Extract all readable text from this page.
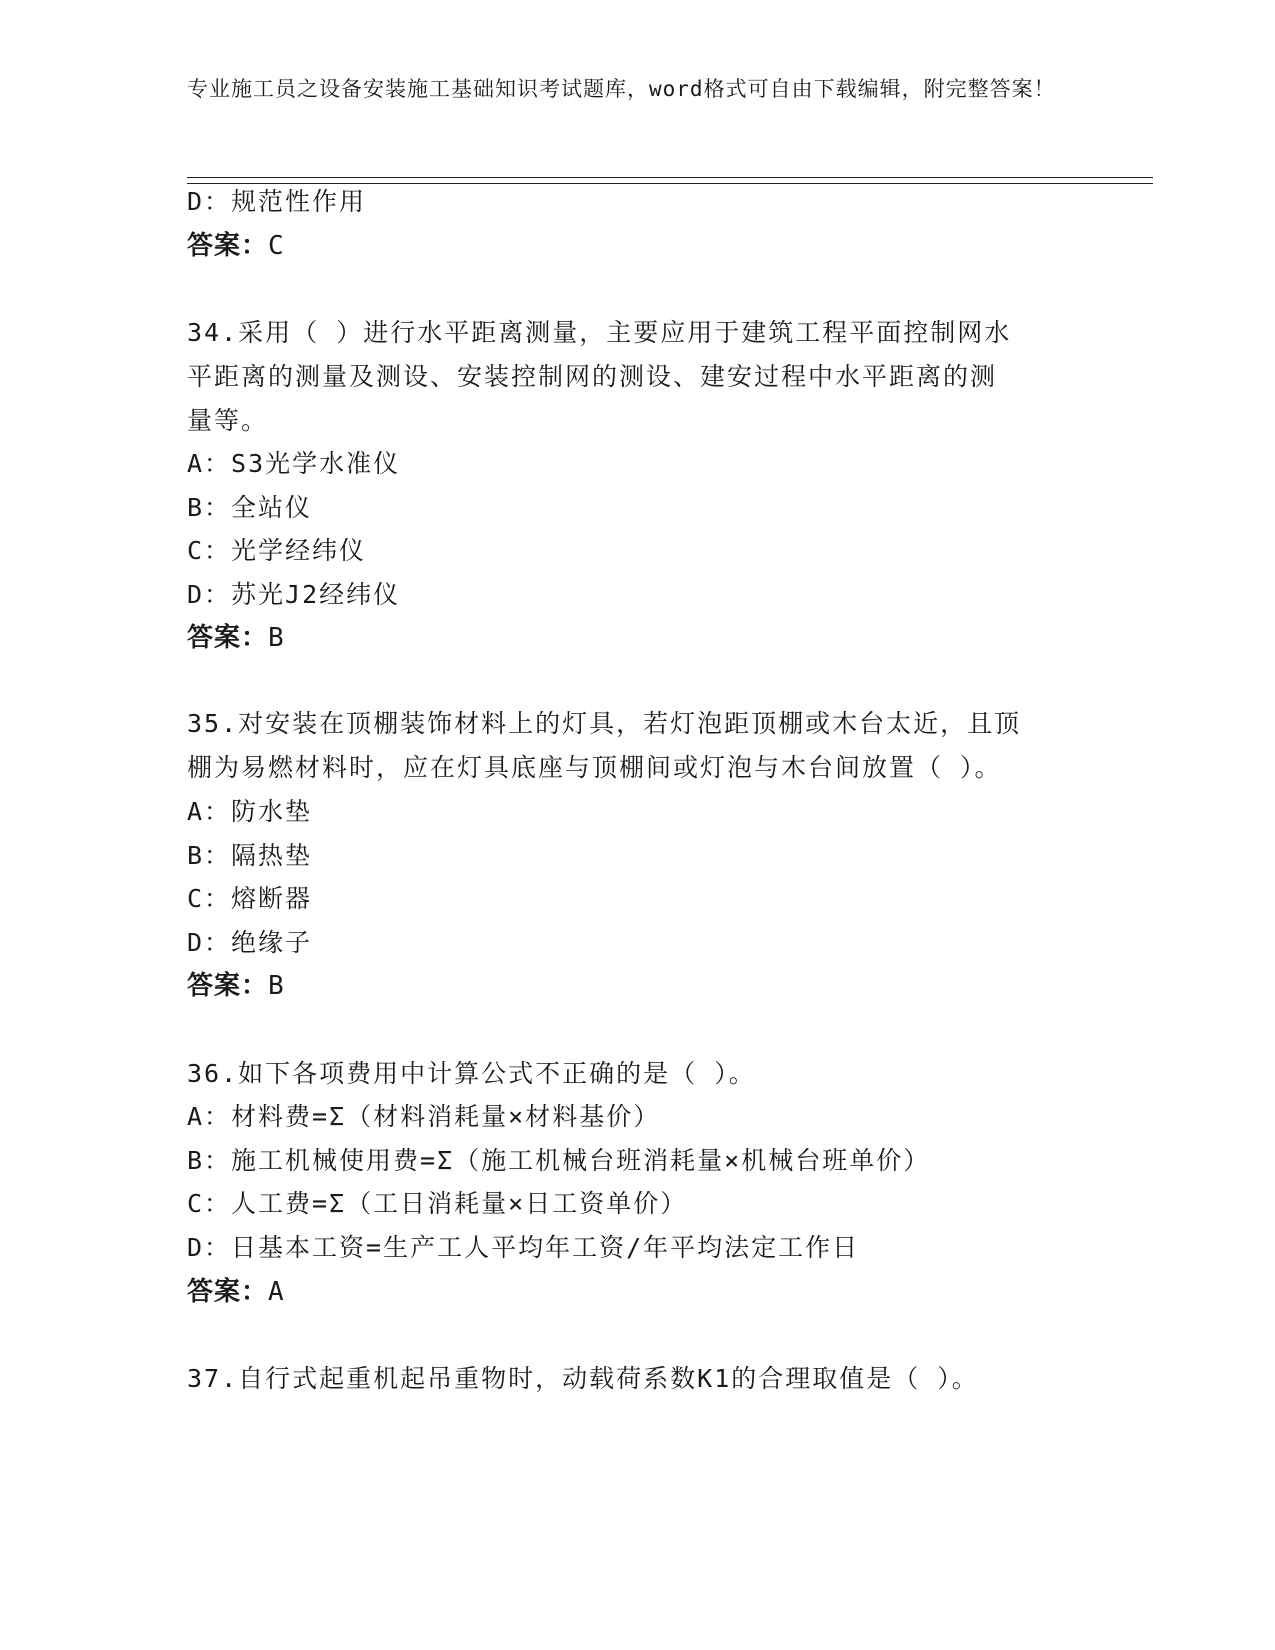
专业施工员之设备安装施工基础知识考试题库，word格式可自由下载编辑，附完整答案！
D：规范性作用
答案：C
34.采用（ ）进行水平距离测量，主要应用于建筑工程平面控制网水
平距离的测量及测设、安装控制网的测设、建安过程中水平距离的测
量等。
A：S3光学水准仪
B：全站仪
C：光学经纬仪
D：苏光J2经纬仪
答案：B
35.对安装在顶棚装饰材料上的灯具，若灯泡距顶棚或木台太近，且顶
棚为易燃材料时，应在灯具底座与顶棚间或灯泡与木台间放置（ ）。
A：防水垫
B：隔热垫
C：熔断器
D：绝缘子
答案：B
36.如下各项费用中计算公式不正确的是（ ）。
A：材料费=Σ（材料消耗量×材料基价）
B：施工机械使用费=Σ（施工机械台班消耗量×机械台班单价）
C：人工费=Σ（工日消耗量×日工资单价）
D：日基本工资=生产工人平均年工资/年平均法定工作日
答案：A
37.自行式起重机起吊重物时，动载荷系数K1的合理取值是（ ）。
